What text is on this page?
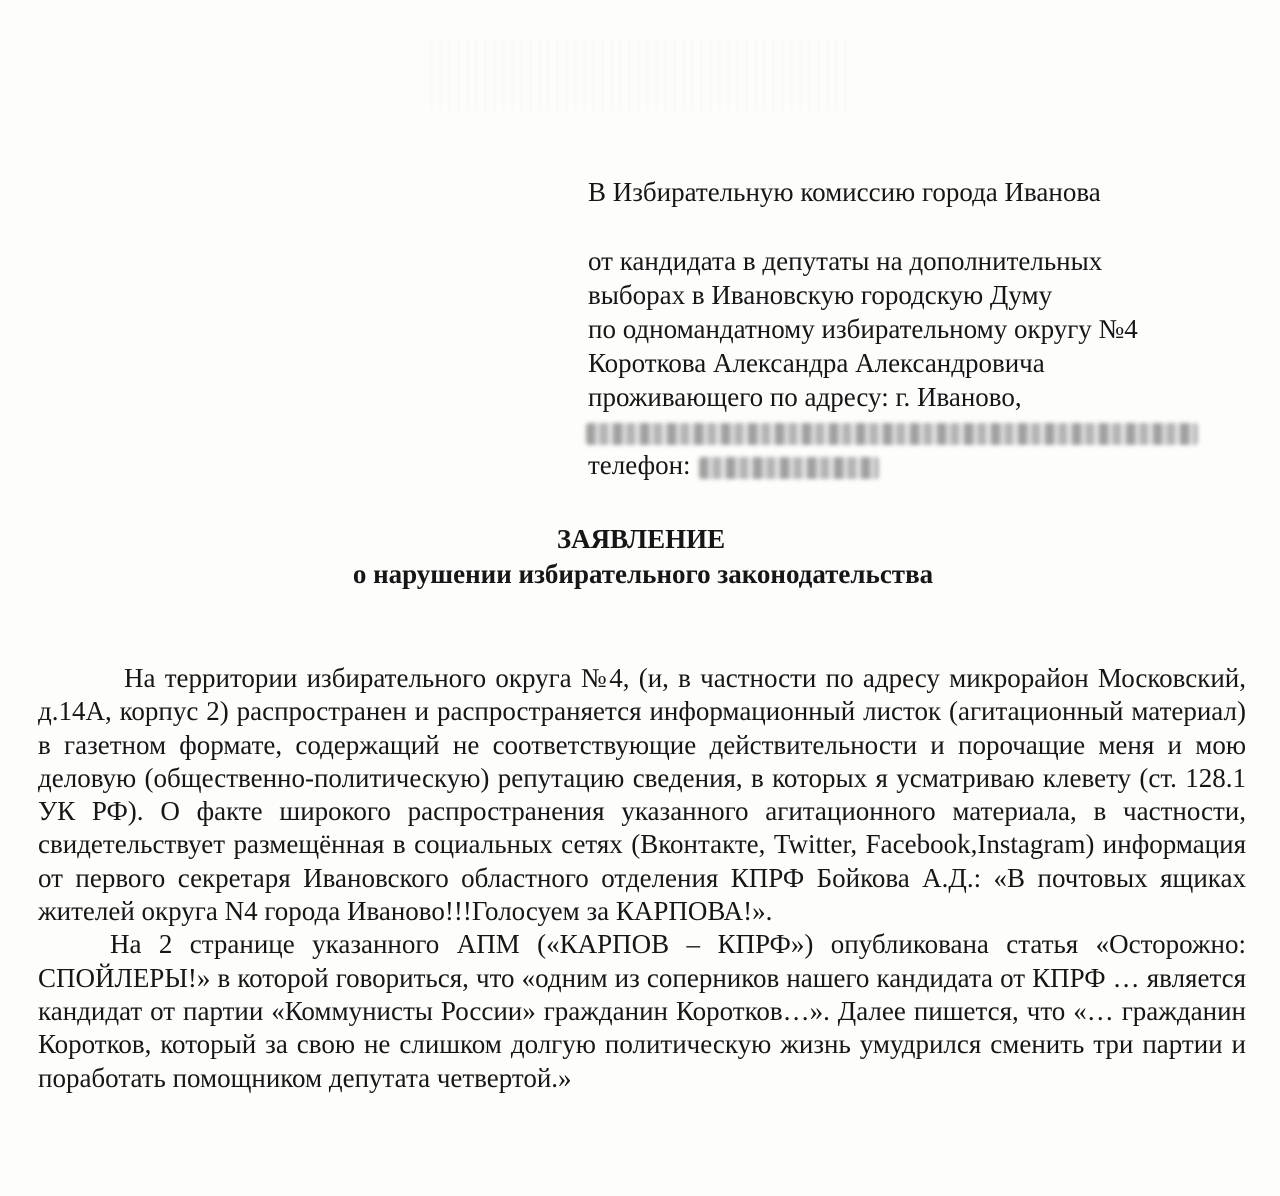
В Избирательную комиссию города Иванова
от кандидата в депутаты на дополнительных
выборах в Ивановскую городскую Думу
по одномандатному избирательному округу №4
Короткова Александра Александровича
проживающего по адресу: г. Иваново,
телефон:
ЗАЯВЛЕНИЕ
о нарушении избирательного законодательства

На территории избирательного округа №4, (и, в частности по адресу микрорайон Московский, д.14А, корпус 2) распространен и распространяется информационный листок (агитационный материал) в газетном формате, содержащий не соответствующие действительности и порочащие меня и мою деловую (общественно-политическую) репутацию сведения, в которых я усматриваю клевету (ст. 128.1 УК РФ). О факте широкого распространения указанного агитационного материала, в частности, свидетельствует размещённая в социальных сетях (Вконтакте, Twitter, Facebook,Instagram) информация от первого секретаря Ивановского областного отделения КПРФ Бойкова А.Д.: «В почтовых ящиках жителей округа N4 города Иваново!!!Голосуем за КАРПОВА!».

На 2 странице указанного АПМ («КАРПОВ – КПРФ») опубликована статья «Осторожно: СПОЙЛЕРЫ!» в которой говориться, что «одним из соперников нашего кандидата от КПРФ … является кандидат от партии «Коммунисты России» гражданин Коротков…». Далее пишется, что «… гражданин Коротков, который за свою не слишком долгую политическую жизнь умудрился сменить три партии и поработать помощником депутата четвертой.»
